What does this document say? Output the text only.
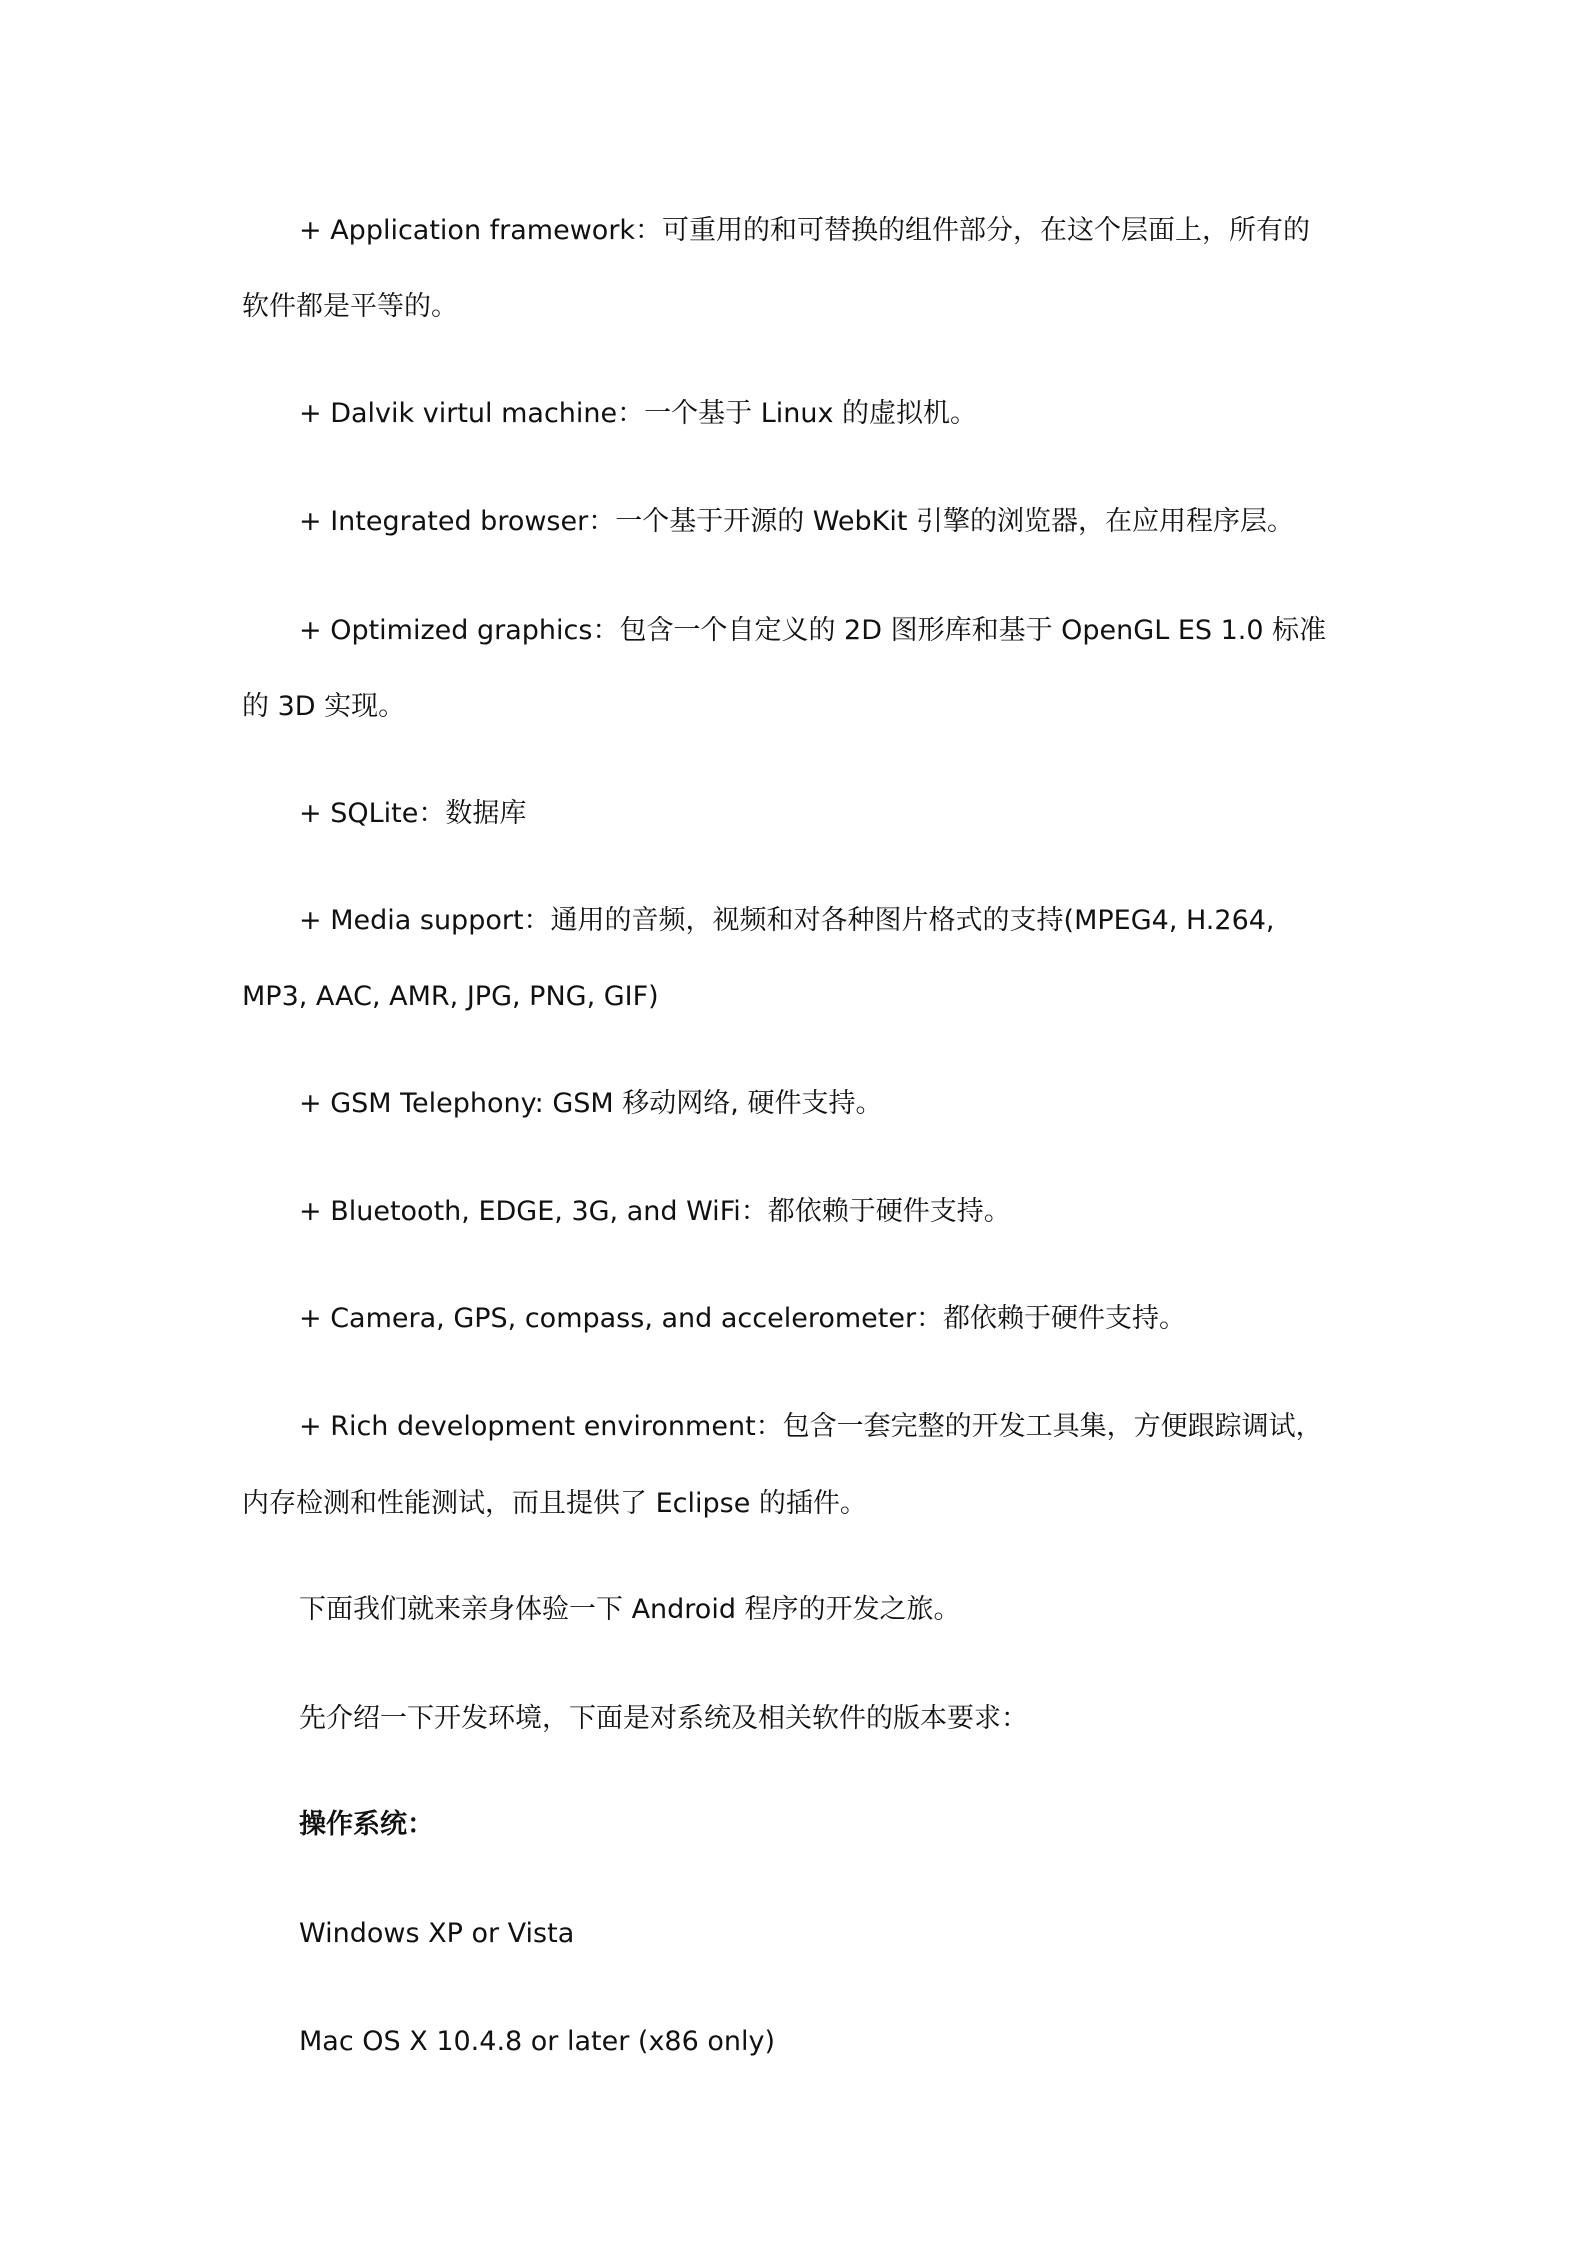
+ Application framework：可重用的和可替换的组件部分，在这个层面上，所有的
软件都是平等的。
+ Dalvik virtul machine：一个基于 Linux 的虚拟机。
+ Integrated browser：一个基于开源的 WebKit 引擎的浏览器，在应用程序层。
+ Optimized graphics：包含一个自定义的 2D 图形库和基于 OpenGL ES 1.0 标准
的 3D 实现。
+ SQLite：数据库
+ Media support：通用的音频，视频和对各种图片格式的支持(MPEG4, H.264,
MP3, AAC, AMR, JPG, PNG, GIF)
+ GSM Telephony: GSM 移动网络, 硬件支持。
+ Bluetooth, EDGE, 3G, and WiFi：都依赖于硬件支持。
+ Camera, GPS, compass, and accelerometer：都依赖于硬件支持。
+ Rich development environment：包含一套完整的开发工具集，方便跟踪调试，
内存检测和性能测试，而且提供了 Eclipse 的插件。
下面我们就来亲身体验一下 Android 程序的开发之旅。
先介绍一下开发环境，下面是对系统及相关软件的版本要求：
操作系统：
Windows XP or Vista
Mac OS X 10.4.8 or later (x86 only)
